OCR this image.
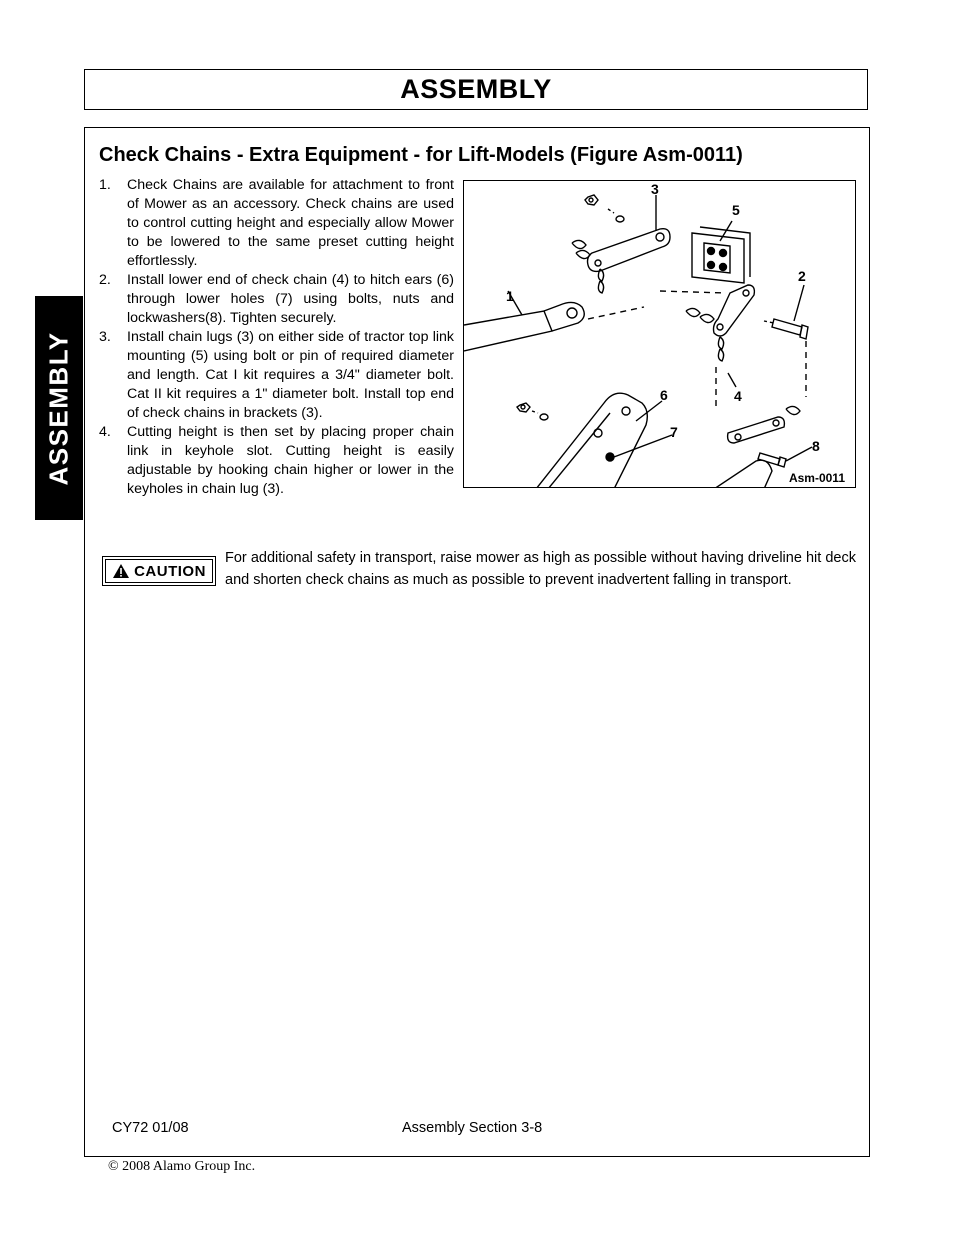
ASSEMBLY
ASSEMBLY
Check Chains - Extra Equipment - for Lift-Models (Figure Asm-0011)
1. Check Chains are available for attachment to front of Mower as an accessory. Check chains are used to control cutting height and especially allow Mower to be lowered to the same preset cutting height effortlessly.
2. Install lower end of check chain (4) to hitch ears (6) through lower holes (7) using bolts, nuts and lockwashers(8). Tighten securely.
3. Install chain lugs (3) on either side of tractor top link mounting (5) using bolt or pin of required diameter and length. Cat I kit requires a 3/4" diameter bolt. Cat II kit requires a 1" diameter bolt. Install top end of check chains in brackets (3).
4. Cutting height is then set by placing proper chain link in keyhole slot. Cutting height is easily adjustable by hooking chain higher or lower in the keyholes in chain lug (3).
3
5
2
1
4
6
7
8
Asm-0011
CAUTION
For additional safety in transport, raise mower as high as possible without having driveline hit deck and shorten check chains as much as possible to prevent inadvertent falling in transport.
CY72 01/08	Assembly Section 3-8
© 2008 Alamo Group Inc.
